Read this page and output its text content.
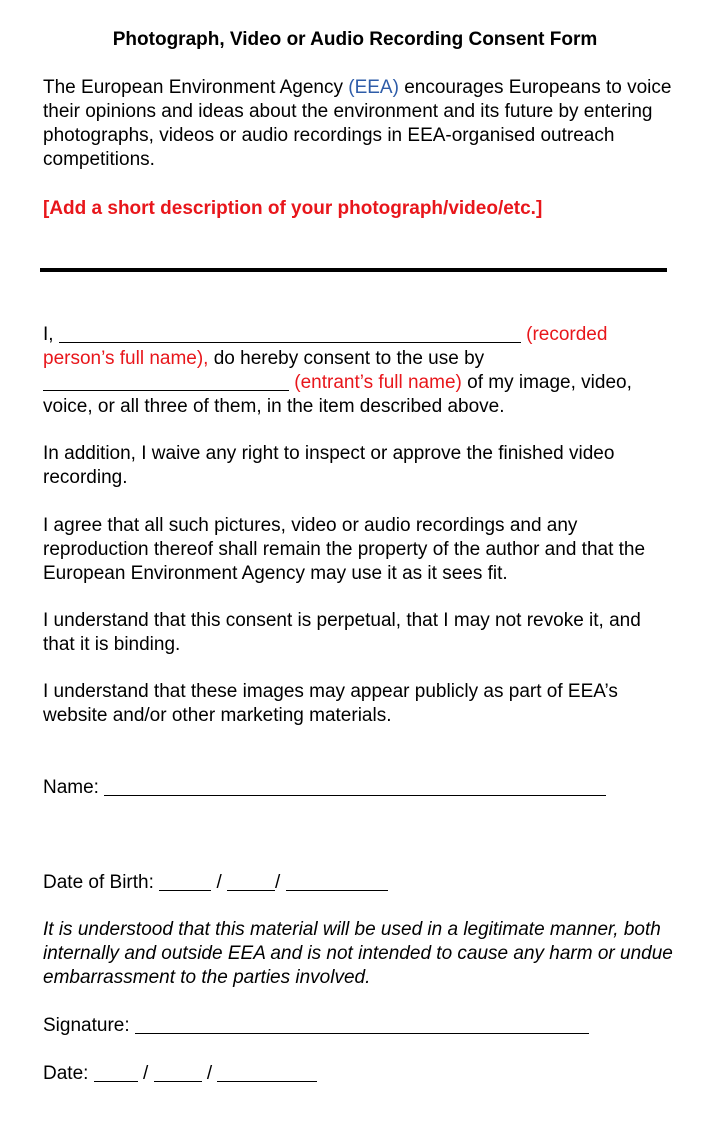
Photograph, Video or Audio Recording Consent Form
The European Environment Agency (EEA) encourages Europeans to voice their opinions and ideas about the environment and its future by entering photographs, videos or audio recordings in EEA-organised outreach competitions.
[Add a short description of your photograph/video/etc.]
I,	(recorded person’s full name), do hereby consent to the use by
(entrant’s full name) of my image, video, voice, or all three of them, in the item described above.
In addition, I waive any right to inspect or approve the finished video recording.
I agree that all such pictures, video or audio recordings and any reproduction thereof shall remain the property of the author and that the European Environment Agency may use it as it sees fit.
I understand that this consent is perpetual, that I may not revoke it, and that it is binding.
I understand that these images may appear publicly as part of EEA’s website and/or other marketing materials.
Name:
Date of Birth:	/	/
It is understood that this material will be used in a legitimate manner, both internally and outside EEA and is not intended to cause any harm or undue embarrassment to the parties involved.
Signature:
Date:	/	/
